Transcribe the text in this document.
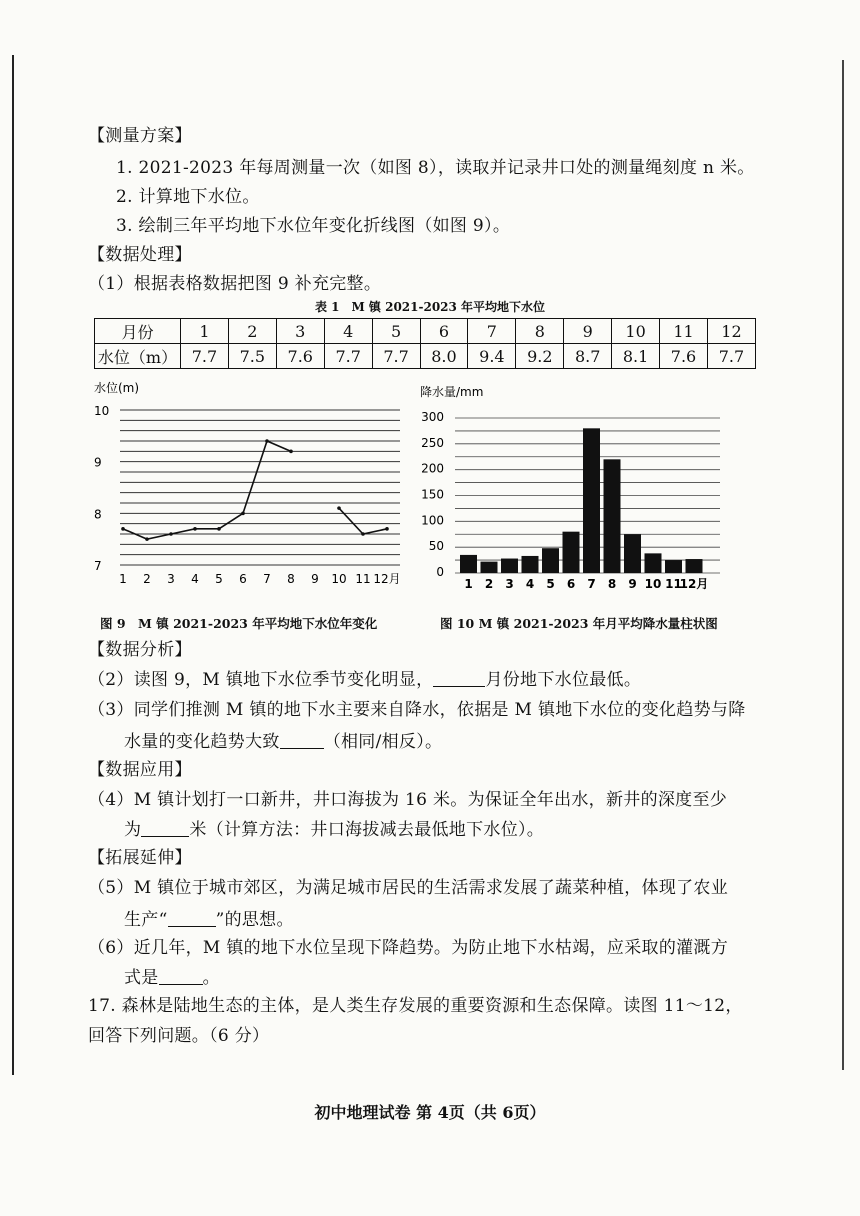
【测量方案】
1. 2021-2023 年每周测量一次（如图 8），读取并记录井口处的测量绳刻度 n 米。
2. 计算地下水位。
3. 绘制三年平均地下水位年变化折线图（如图 9）。
【数据处理】
（1）根据表格数据把图 9 补充完整。
表 1　M 镇 2021-2023 年平均地下水位
月份	1	2	3	4	5	6	7	8	9	10	11	12
水位（m）	7.7	7.5	7.6	7.7	7.7	8.0	9.4	9.2	8.7	8.1	7.6	7.7
水位(m)
10
9
8
7
1 2 3 4 5 6 7 8 9 10 11 12月
图 9　M 镇 2021-2023 年平均地下水位年变化
降水量/mm
300
250
200
150
100
50
0
1 2 3 4 5 6 7 8 9 10 11
12月
图 10 M 镇 2021-2023 年月平均降水量柱状图
【数据分析】
（2）读图 9，M 镇地下水位季节变化明显，	月份地下水位最低。
（3）同学们推测 M 镇的地下水主要来自降水，依据是 M 镇地下水位的变化趋势与降
水量的变化趋势大致	（相同/相反）。
【数据应用】
（4）M 镇计划打一口新井，井口海拔为 16 米。为保证全年出水，新井的深度至少
为	米（计算方法：井口海拔减去最低地下水位）。
【拓展延伸】
（5）M 镇位于城市郊区，为满足城市居民的生活需求发展了蔬菜种植，体现了农业
生产“	”的思想。
（6）近几年，M 镇的地下水位呈现下降趋势。为防止地下水枯竭，应采取的灌溉方
式是	。
17. 森林是陆地生态的主体，是人类生存发展的重要资源和生态保障。读图 11～12，
回答下列问题。（6 分）
初中地理试卷 第 4页（共 6页）
